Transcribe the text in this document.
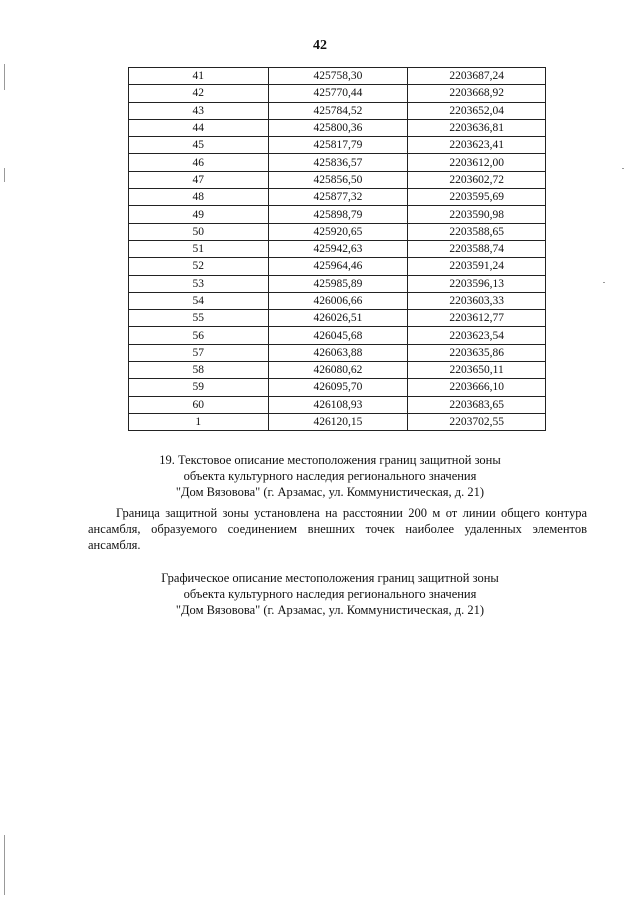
42
41	425758,30	2203687,24
42	425770,44	2203668,92
43	425784,52	2203652,04
44	425800,36	2203636,81
45	425817,79	2203623,41
46	425836,57	2203612,00
47	425856,50	2203602,72
48	425877,32	2203595,69
49	425898,79	2203590,98
50	425920,65	2203588,65
51	425942,63	2203588,74
52	425964,46	2203591,24
53	425985,89	2203596,13
54	426006,66	2203603,33
55	426026,51	2203612,77
56	426045,68	2203623,54
57	426063,88	2203635,86
58	426080,62	2203650,11
59	426095,70	2203666,10
60	426108,93	2203683,65
1	426120,15	2203702,55
19. Текстовое описание местоположения границ защитной зоны
объекта культурного наследия регионального значения
"Дом Вязовова" (г. Арзамас, ул. Коммунистическая, д. 21)
Граница защитной зоны установлена на расстоянии 200 м от линии общего контура ансамбля, образуемого соединением внешних точек наиболее удаленных элементов ансамбля.
Графическое описание местоположения границ защитной зоны
объекта культурного наследия регионального значения
"Дом Вязовова" (г. Арзамас, ул. Коммунистическая, д. 21)
